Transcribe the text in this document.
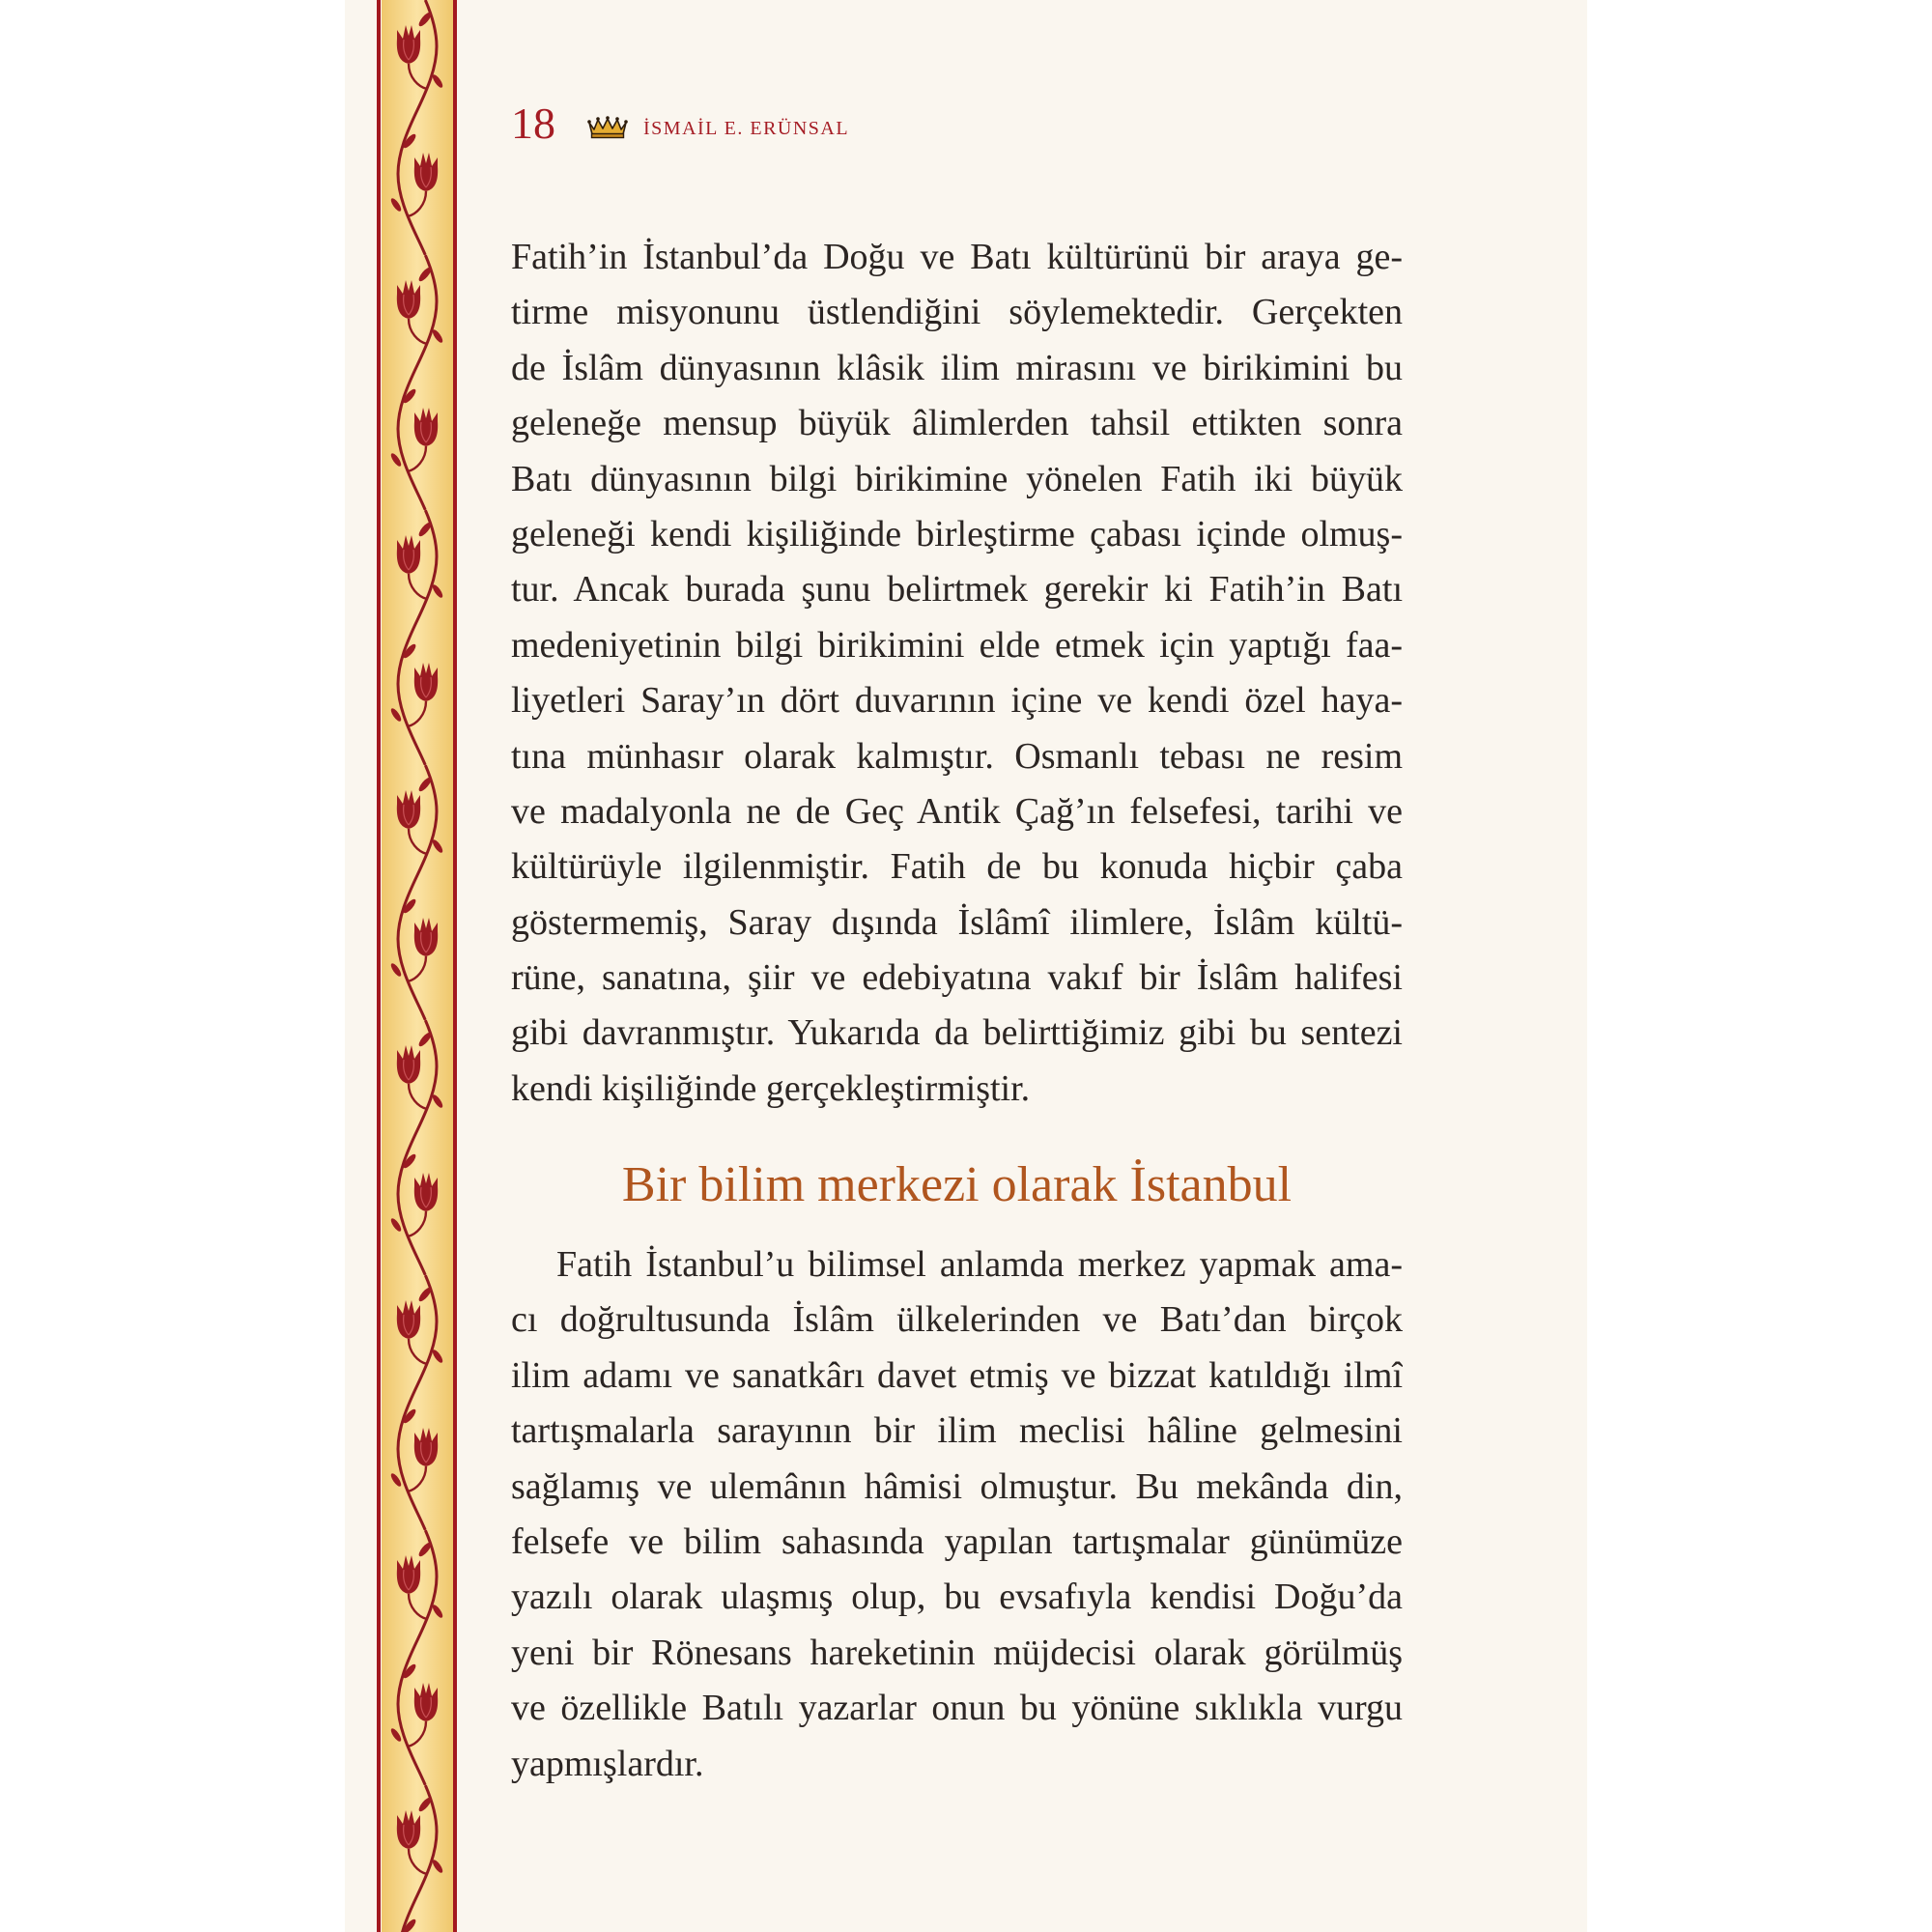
18	İSMAİL E. ERÜNSAL
Fatih’in İstanbul’da Doğu ve Batı kültürünü bir araya ge-
tirme misyonunu üstlendiğini söylemektedir. Gerçekten
de İslâm dünyasının klâsik ilim mirasını ve birikimini bu
geleneğe mensup büyük âlimlerden tahsil ettikten sonra
Batı dünyasının bilgi birikimine yönelen Fatih iki büyük
geleneği kendi kişiliğinde birleştirme çabası içinde olmuş-
tur. Ancak burada şunu belirtmek gerekir ki Fatih’in Batı
medeniyetinin bilgi birikimini elde etmek için yaptığı faa-
liyetleri Saray’ın dört duvarının içine ve kendi özel haya-
tına münhasır olarak kalmıştır. Osmanlı tebası ne resim
ve madalyonla ne de Geç Antik Çağ’ın felsefesi, tarihi ve
kültürüyle ilgilenmiştir. Fatih de bu konuda hiçbir çaba
göstermemiş, Saray dışında İslâmî ilimlere, İslâm kültü-
rüne, sanatına, şiir ve edebiyatına vakıf bir İslâm halifesi
gibi davranmıştır. Yukarıda da belirttiğimiz gibi bu sentezi
kendi kişiliğinde gerçekleştirmiştir.
Bir bilim merkezi olarak İstanbul
Fatih İstanbul’u bilimsel anlamda merkez yapmak ama-
cı doğrultusunda İslâm ülkelerinden ve Batı’dan birçok
ilim adamı ve sanatkârı davet etmiş ve bizzat katıldığı ilmî
tartışmalarla sarayının bir ilim meclisi hâline gelmesini
sağlamış ve ulemânın hâmisi olmuştur. Bu mekânda din,
felsefe ve bilim sahasında yapılan tartışmalar günümüze
yazılı olarak ulaşmış olup, bu evsafıyla kendisi Doğu’da
yeni bir Rönesans hareketinin müjdecisi olarak görülmüş
ve özellikle Batılı yazarlar onun bu yönüne sıklıkla vurgu
yapmışlardır.
